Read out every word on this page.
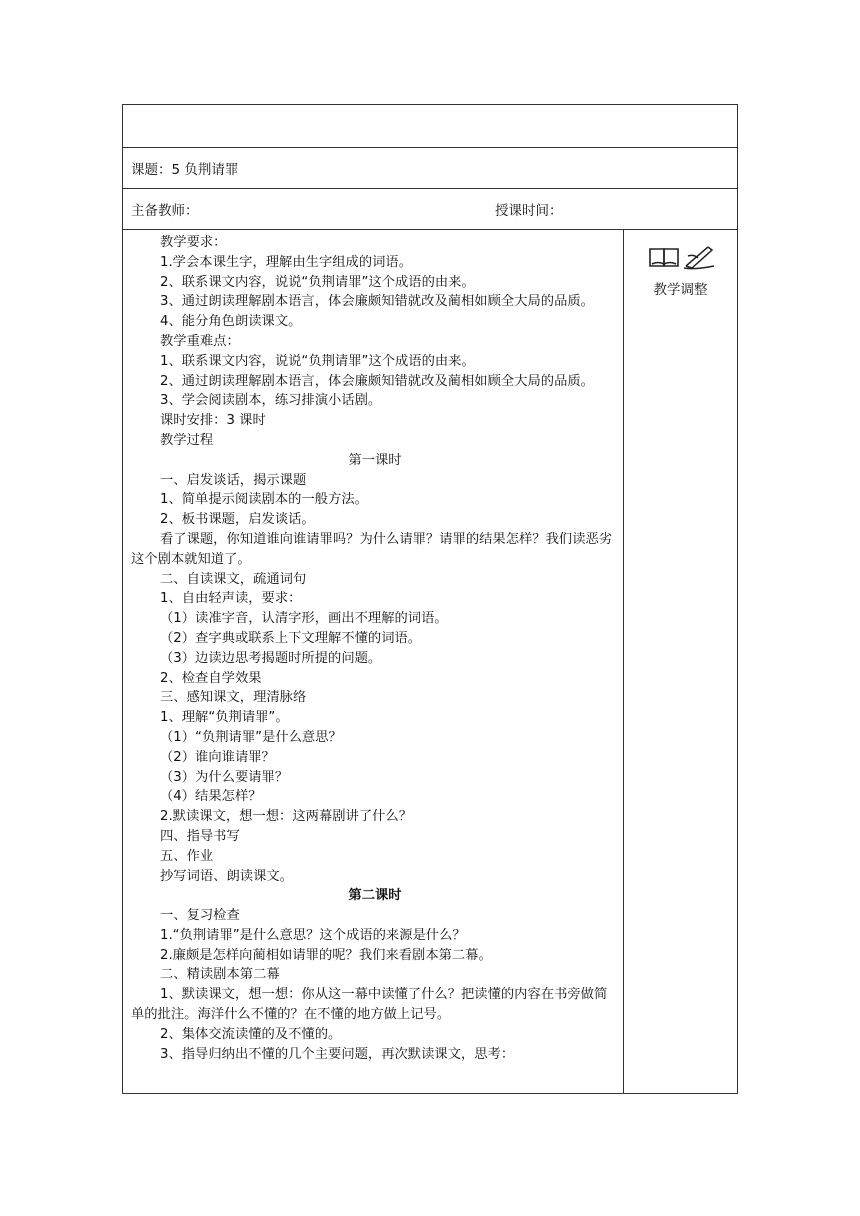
课题：5 负荆请罪
主备教师：	授课时间：
教学要求：
1.学会本课生字，理解由生字组成的词语。
2、联系课文内容，说说“负荆请罪”这个成语的由来。
3、通过朗读理解剧本语言，体会廉颇知错就改及蔺相如顾全大局的品质。
4、能分角色朗读课文。
教学重难点：
1、联系课文内容，说说“负荆请罪”这个成语的由来。
2、通过朗读理解剧本语言，体会廉颇知错就改及蔺相如顾全大局的品质。
3、学会阅读剧本，练习排演小话剧。
课时安排：3 课时
教学过程
第一课时
一、启发谈话，揭示课题
1、简单提示阅读剧本的一般方法。
2、板书课题，启发谈话。
看了课题，你知道谁向谁请罪吗？为什么请罪？请罪的结果怎样？我们读恶劣这个剧本就知道了。
二、自读课文，疏通词句
1、自由轻声读，要求：
（1）读准字音，认清字形，画出不理解的词语。
（2）查字典或联系上下文理解不懂的词语。
（3）边读边思考揭题时所提的问题。
2、检查自学效果
三、感知课文，理清脉络
1、理解“负荆请罪”。
（1）“负荆请罪”是什么意思？
（2）谁向谁请罪？
（3）为什么要请罪？
（4）结果怎样？
2.默读课文，想一想：这两幕剧讲了什么？
四、指导书写
五、作业
抄写词语、朗读课文。
第二课时
一、复习检查
1.“负荆请罪”是什么意思？这个成语的来源是什么？
2.廉颇是怎样向蔺相如请罪的呢？我们来看剧本第二幕。
二、精读剧本第二幕
1、默读课文，想一想：你从这一幕中读懂了什么？把读懂的内容在书旁做简单的批注。海洋什么不懂的？在不懂的地方做上记号。
2、集体交流读懂的及不懂的。
3、指导归纳出不懂的几个主要问题，再次默读课文，思考：
教学调整
